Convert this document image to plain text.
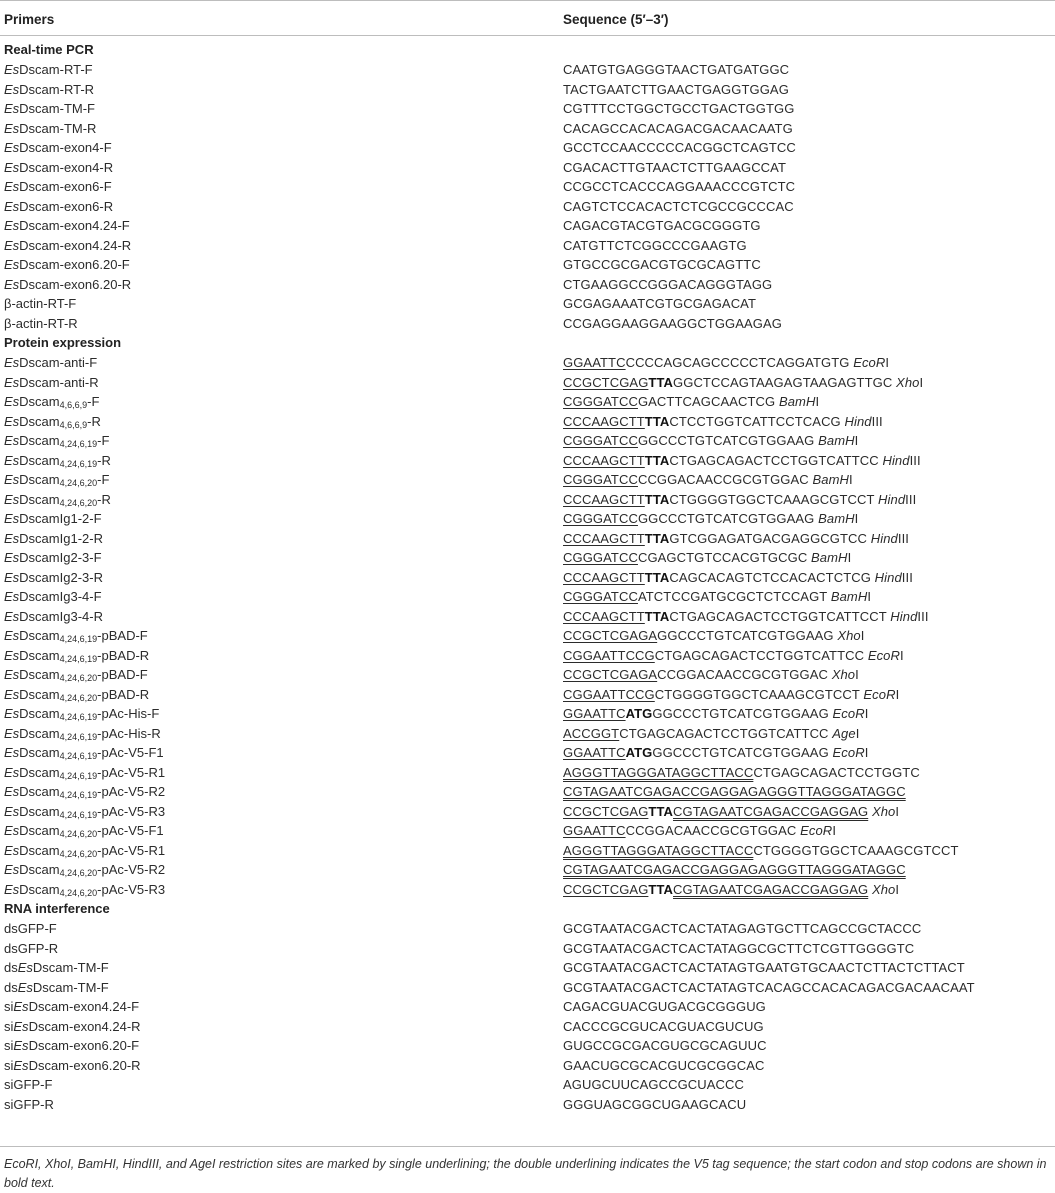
Primers	Sequence (5′–3′)
Real-time PCR
EsDscam-RT-F	CAATGTGAGGGTAACTGATGATGGC
EsDscam-RT-R	TACTGAATCTTGAACTGAGGTGGAG
EsDscam-TM-F	CGTTTCCTGGCTGCCTGACTGGTGG
EsDscam-TM-R	CACAGCCACACAGACGACAACAATG
EsDscam-exon4-F	GCCTCCAACCCCCACGGCTCAGTCC
EsDscam-exon4-R	CGACACTTGTAACTCTTGAAGCCAT
EsDscam-exon6-F	CCGCCTCACCCAGGAAACCCGTCTC
EsDscam-exon6-R	CAGTCTCCACACTCTCGCCGCCCAC
EsDscam-exon4.24-F	CAGACGTACGTGACGCGGGTG
EsDscam-exon4.24-R	CATGTTCTCGGCCCGAAGTG
EsDscam-exon6.20-F	GTGCCGCGACGTGCGCAGTTC
EsDscam-exon6.20-R	CTGAAGGCCGGGACAGGGTAGG
β-actin-RT-F	GCGAGAAATCGTGCGAGACAT
β-actin-RT-R	CCGAGGAAGGAAGGCTGGAAGAG
Protein expression
EsDscam-anti-F	GGAATTCCCCCAGCAGCCCCCTCAGGATGTG EcoRI
EsDscam-anti-R	CCGCTCGAGTTAGGCTCCAGTAAGAGTAAGAGTTGC XhoI
EsDscam$_{4,6,6,9}$-F	CGGGATCCGACTTCAGCAACTCG BamHI
EsDscam$_{4,6,6,9}$-R	CCCAAGCTTTTACTCCTGGTCATTCCTCACG HindIII
EsDscam$_{4,24,6,19}$-F	CGGGATCCGGCCCTGTCATCGTGGAAG BamHI
EsDscam$_{4,24,6,19}$-R	CCCAAGCTTTTACTGAGCAGACTCCTGGTCATTCC HindIII
EsDscam$_{4,24,6,20}$-F	CGGGATCCCCGGACAACCGCGTGGAC BamHI
EsDscam$_{4,24,6,20}$-R	CCCAAGCTTTTACTGGGGTGGCTCAAAGCGTCCT HindIII
EsDscamIg1-2-F	CGGGATCCGGCCCTGTCATCGTGGAAG BamHI
EsDscamIg1-2-R	CCCAAGCTTTTAGTCGGAGATGACGAGGCGTCC HindIII
EsDscamIg2-3-F	CGGGATCCCGAGCTGTCCACGTGCGC BamHI
EsDscamIg2-3-R	CCCAAGCTTTTACAGCACAGTCTCCACACTCTCG HindIII
EsDscamIg3-4-F	CGGGATCCATCTCCGATGCGCTCTCCAGT BamHI
EsDscamIg3-4-R	CCCAAGCTTTTACTGAGCAGACTCCTGGTCATTCCT HindIII
EsDscam$_{4,24,6,19}$-pBAD-F	CCGCTCGAGAGGCCCTGTCATCGTGGAAG XhoI
EsDscam$_{4,24,6,19}$-pBAD-R	CGGAATTCCGCTGAGCAGACTCCTGGTCATTCC EcoRI
EsDscam$_{4,24,6,20}$-pBAD-F	CCGCTCGAGACCGGACAACCGCGTGGAC XhoI
EsDscam$_{4,24,6,20}$-pBAD-R	CGGAATTCCGCTGGGGTGGCTCAAAGCGTCCT EcoRI
EsDscam$_{4,24,6,19}$-pAc-His-F	GGAATTCATGGGCCCTGTCATCGTGGAAG EcoRI
EsDscam$_{4,24,6,19}$-pAc-His-R	ACCGGTCTGAGCAGACTCCTGGTCATTCC AgeI
EsDscam$_{4,24,6,19}$-pAc-V5-F1	GGAATTCATGGGCCCTGTCATCGTGGAAG EcoRI
EsDscam$_{4,24,6,19}$-pAc-V5-R1	AGGGTTAGGGATAGGCTTACCCTGAGCAGACTCCTGGTC
EsDscam$_{4,24,6,19}$-pAc-V5-R2	CGTAGAATCGAGACCGAGGAGAGGGTTAGGGATAGGC
EsDscam$_{4,24,6,19}$-pAc-V5-R3	CCGCTCGAGTTACGTAGAATCGAGACCGAGGAG XhoI
EsDscam$_{4,24,6,20}$-pAc-V5-F1	GGAATTCCCGGACAACCGCGTGGAC EcoRI
EsDscam$_{4,24,6,20}$-pAc-V5-R1	AGGGTTAGGGATAGGCTTACCCTGGGGTGGCTCAAAGCGTCCT
EsDscam$_{4,24,6,20}$-pAc-V5-R2	CGTAGAATCGAGACCGAGGAGAGGGTTAGGGATAGGC
EsDscam$_{4,24,6,20}$-pAc-V5-R3	CCGCTCGAGTTACGTAGAATCGAGACCGAGGAG XhoI
RNA interference
dsGFP-F	GCGTAATACGACTCACTATAGAGTGCTTCAGCCGCTACCC
dsGFP-R	GCGTAATACGACTCACTATAGGCGCTTCTCGTTGGGGTC
dsEsDscam-TM-F	GCGTAATACGACTCACTATAGTGAATGTGCAACTCTTACTCTTACT
dsEsDscam-TM-F	GCGTAATACGACTCACTATAGTCACAGCCACACAGACGACAACAAT
siEsDscam-exon4.24-F	CAGACGUACGUGACGCGGGUG
siEsDscam-exon4.24-R	CACCCGCGUCACGUACGUCUG
siEsDscam-exon6.20-F	GUGCCGCGACGUGCGCAGUUC
siEsDscam-exon6.20-R	GAACUGCGCACGUCGCGGCAC
siGFP-F	AGUGCUUCAGCCGCUACCC
siGFP-R	GGGUAGCGGCUGAAGCACU
EcoRI, XhoI, BamHI, HindIII, and AgeI restriction sites are marked by single underlining; the double underlining indicates the V5 tag sequence; the start codon and stop codons are shown in bold text.
